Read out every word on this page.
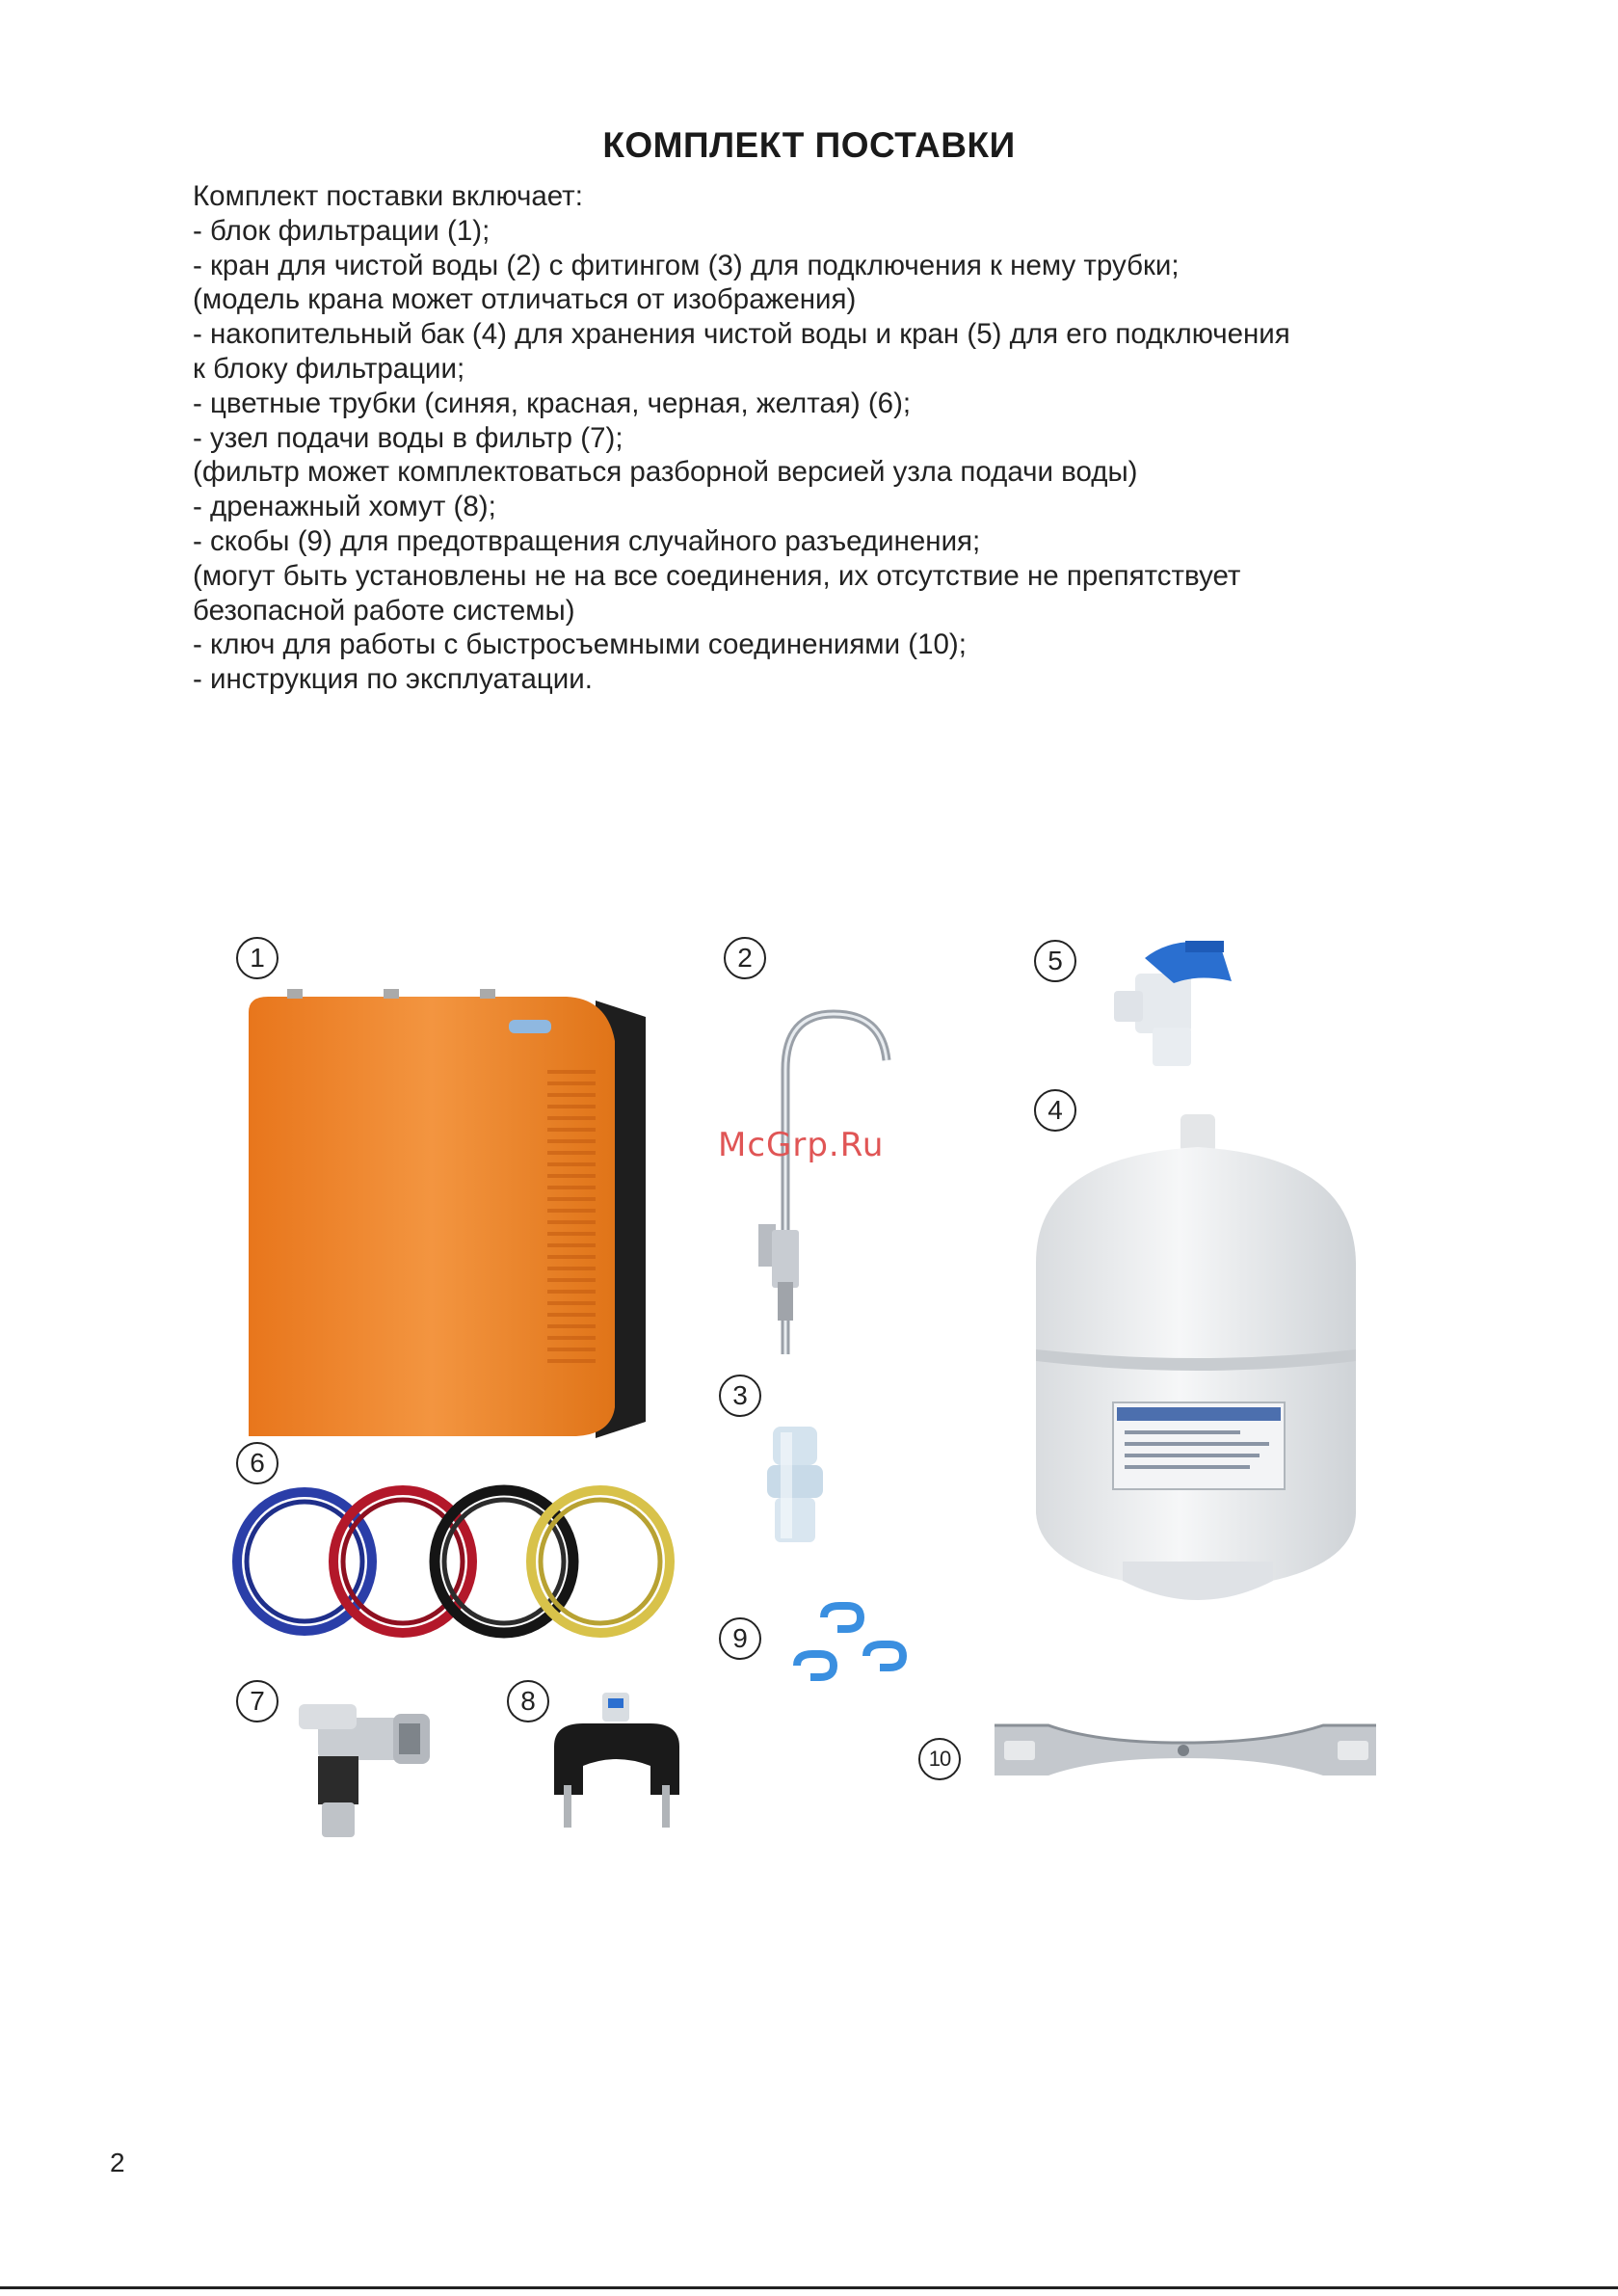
КОМПЛЕКТ ПОСТАВКИ
Комплект поставки включает:
- блок фильтрации (1);
- кран для чистой воды (2) с фитингом (3) для подключения к нему трубки;
(модель крана может отличаться от изображения)
- накопительный бак (4) для хранения чистой воды и кран (5) для его подключения
к блоку фильтрации;
- цветные трубки (синяя, красная, черная, желтая) (6);
- узел подачи воды в фильтр (7);
(фильтр может комплектоваться разборной версией узла подачи воды)
- дренажный хомут (8);
- скобы (9) для предотвращения случайного разъединения;
(могут быть установлены не на все соединения, их отсутствие не препятствует
безопасной работе системы)
- ключ для работы с быстросъемными соединениями (10);
- инструкция по эксплуатации.
1	2	5
4
3
6
9
7	8
10
McGrp.Ru
2
